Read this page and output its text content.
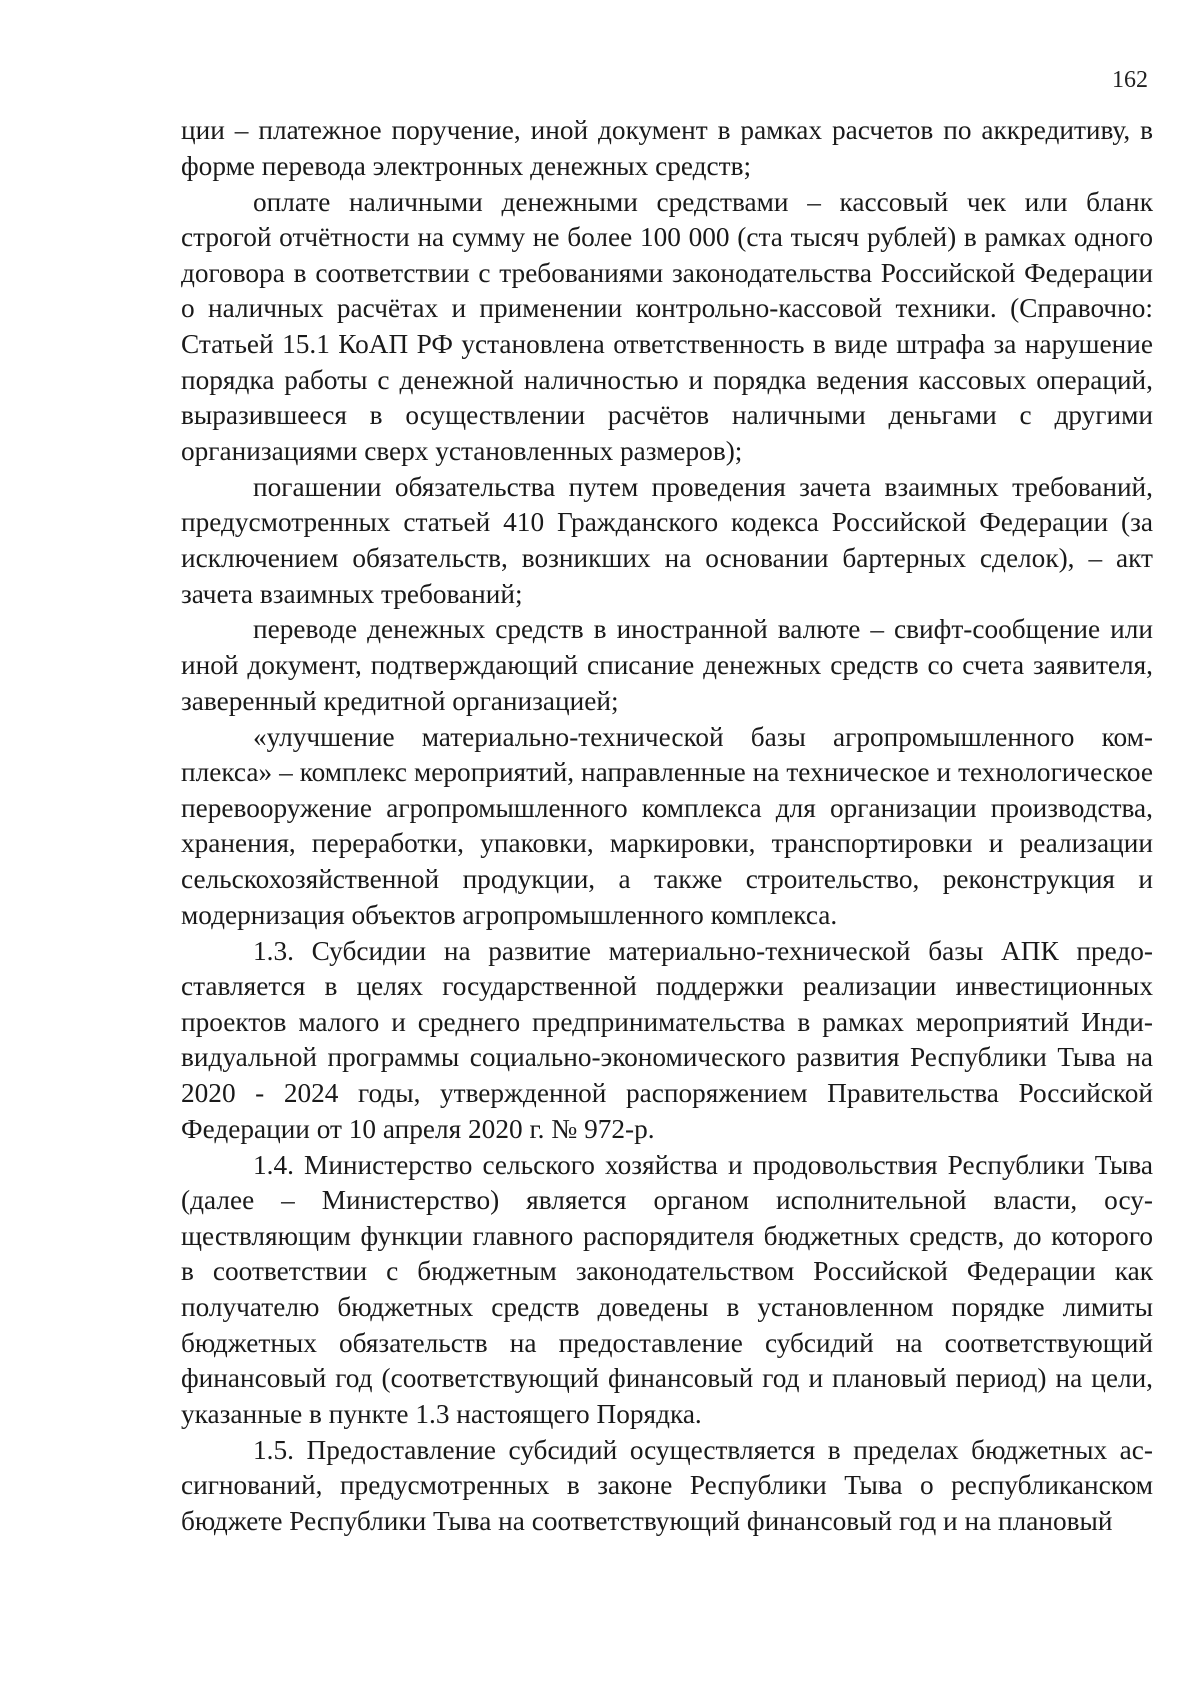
162

ции – платежное поручение, иной документ в рамках расчетов по аккредитиву, в форме перевода электронных денежных средств;

оплате наличными денежными средствами – кассовый чек или бланк строгой отчётности на сумму не более 100 000 (ста тысяч рублей) в рамках одного договора в соответствии с требованиями законодательства Российской Федерации о наличных расчётах и применении контрольно-кассовой техники. (Справочно: Статьей 15.1 КоАП РФ установлена ответственность в виде штрафа за нарушение порядка работы с денежной наличностью и порядка ведения кассовых операций, выразившееся в осуществлении расчётов наличными деньгами с другими организациями сверх установленных размеров);

погашении обязательства путем проведения зачета взаимных требований, предусмотренных статьей 410 Гражданского кодекса Российской Федерации (за исключением обязательств, возникших на основании бартерных сделок), – акт зачета взаимных требований;

переводе денежных средств в иностранной валюте – свифт-сообщение или иной документ, подтверждающий списание денежных средств со счета заявителя, заверенный кредитной организацией;

«улучшение материально-технической базы агропромышленного комплекса» – комплекс мероприятий, направленные на техническое и технологическое перевооружение агропромышленного комплекса для организации производства, хранения, переработки, упаковки, маркировки, транспортировки и реализации сельскохозяйственной продукции, а также строительство, реконструкция и модернизация объектов агропромышленного комплекса.

1.3. Субсидии на развитие материально-технической базы АПК предоставляется в целях государственной поддержки реализации инвестиционных проектов малого и среднего предпринимательства в рамках мероприятий Индивидуальной программы социально-экономического развития Республики Тыва на 2020 - 2024 годы, утвержденной распоряжением Правительства Российской Федерации от 10 апреля 2020 г. № 972-р.

1.4. Министерство сельского хозяйства и продовольствия Республики Тыва (далее – Министерство) является органом исполнительной власти, осуществляющим функции главного распорядителя бюджетных средств, до которого в соответствии с бюджетным законодательством Российской Федерации как получателю бюджетных средств доведены в установленном порядке лимиты бюджетных обязательств на предоставление субсидий на соответствующий финансовый год (соответствующий финансовый год и плановый период) на цели, указанные в пункте 1.3 настоящего Порядка.

1.5. Предоставление субсидий осуществляется в пределах бюджетных ассигнований, предусмотренных в законе Республики Тыва о республиканском бюджете Республики Тыва на соответствующий финансовый год и на плановый
